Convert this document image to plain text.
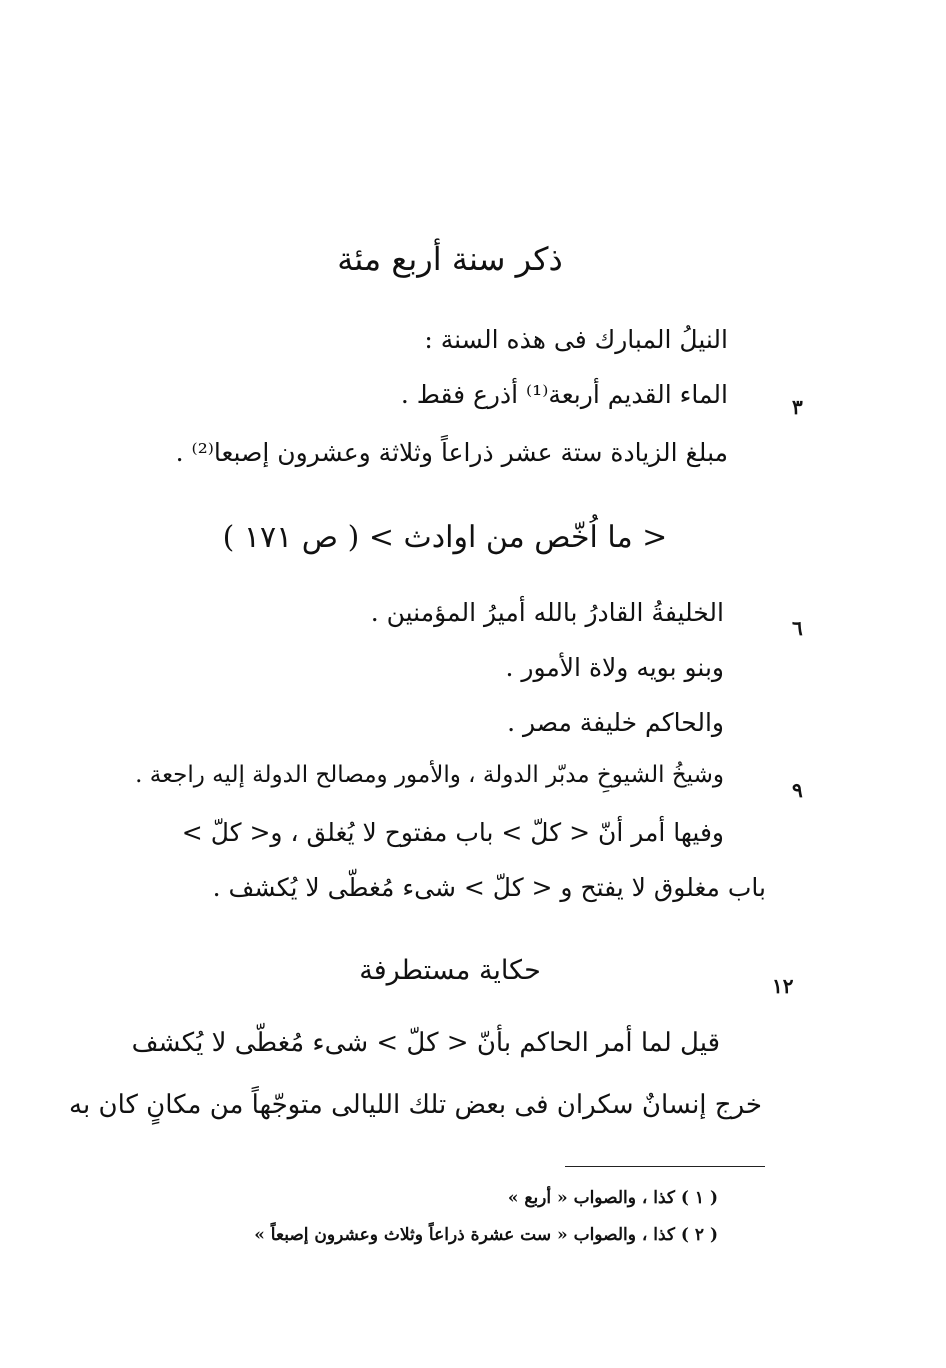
ذكر سنة أربع مئة
النيلُ المبارك فى هذه السنة :
٣
الماء القديم أربعة⁽¹⁾ أذرع فقط .
مبلغ الزيادة ستة عشر ذراعاً وثلاثة وعشرون إصبعا⁽²⁾ .
< ما اُخّص من اوادث > ( ص ١٧١ )
٦
الخليفةُ القادرُ بالله أميرُ المؤمنين .
وبنو بويه ولاة الأمور .
والحاكم خليفة مصر .
٩
وشيخُ الشيوخِ مدبّر الدولة ، والأمور ومصالح الدولة إليه راجعة .
وفيها أمر أنّ < كلّ > باب مفتوح لا يُغلق ، و< كلّ >
باب مغلوق لا يفتح و < كلّ > شىء مُغطّى لا يُكشف .
حكاية مستطرفة	١٢
قيل لما أمر الحاكم بأنّ < كلّ > شىء مُغطّى لا يُكشف
خرج إنسانٌ سكران فى بعض تلك الليالى متوجّهاً من مكانٍ كان به
( ١ ) كذا ، والصواب « أربع »
( ٢ ) كذا ، والصواب « ست عشرة ذراعاً وثلاث وعشرون إصبعاً »
